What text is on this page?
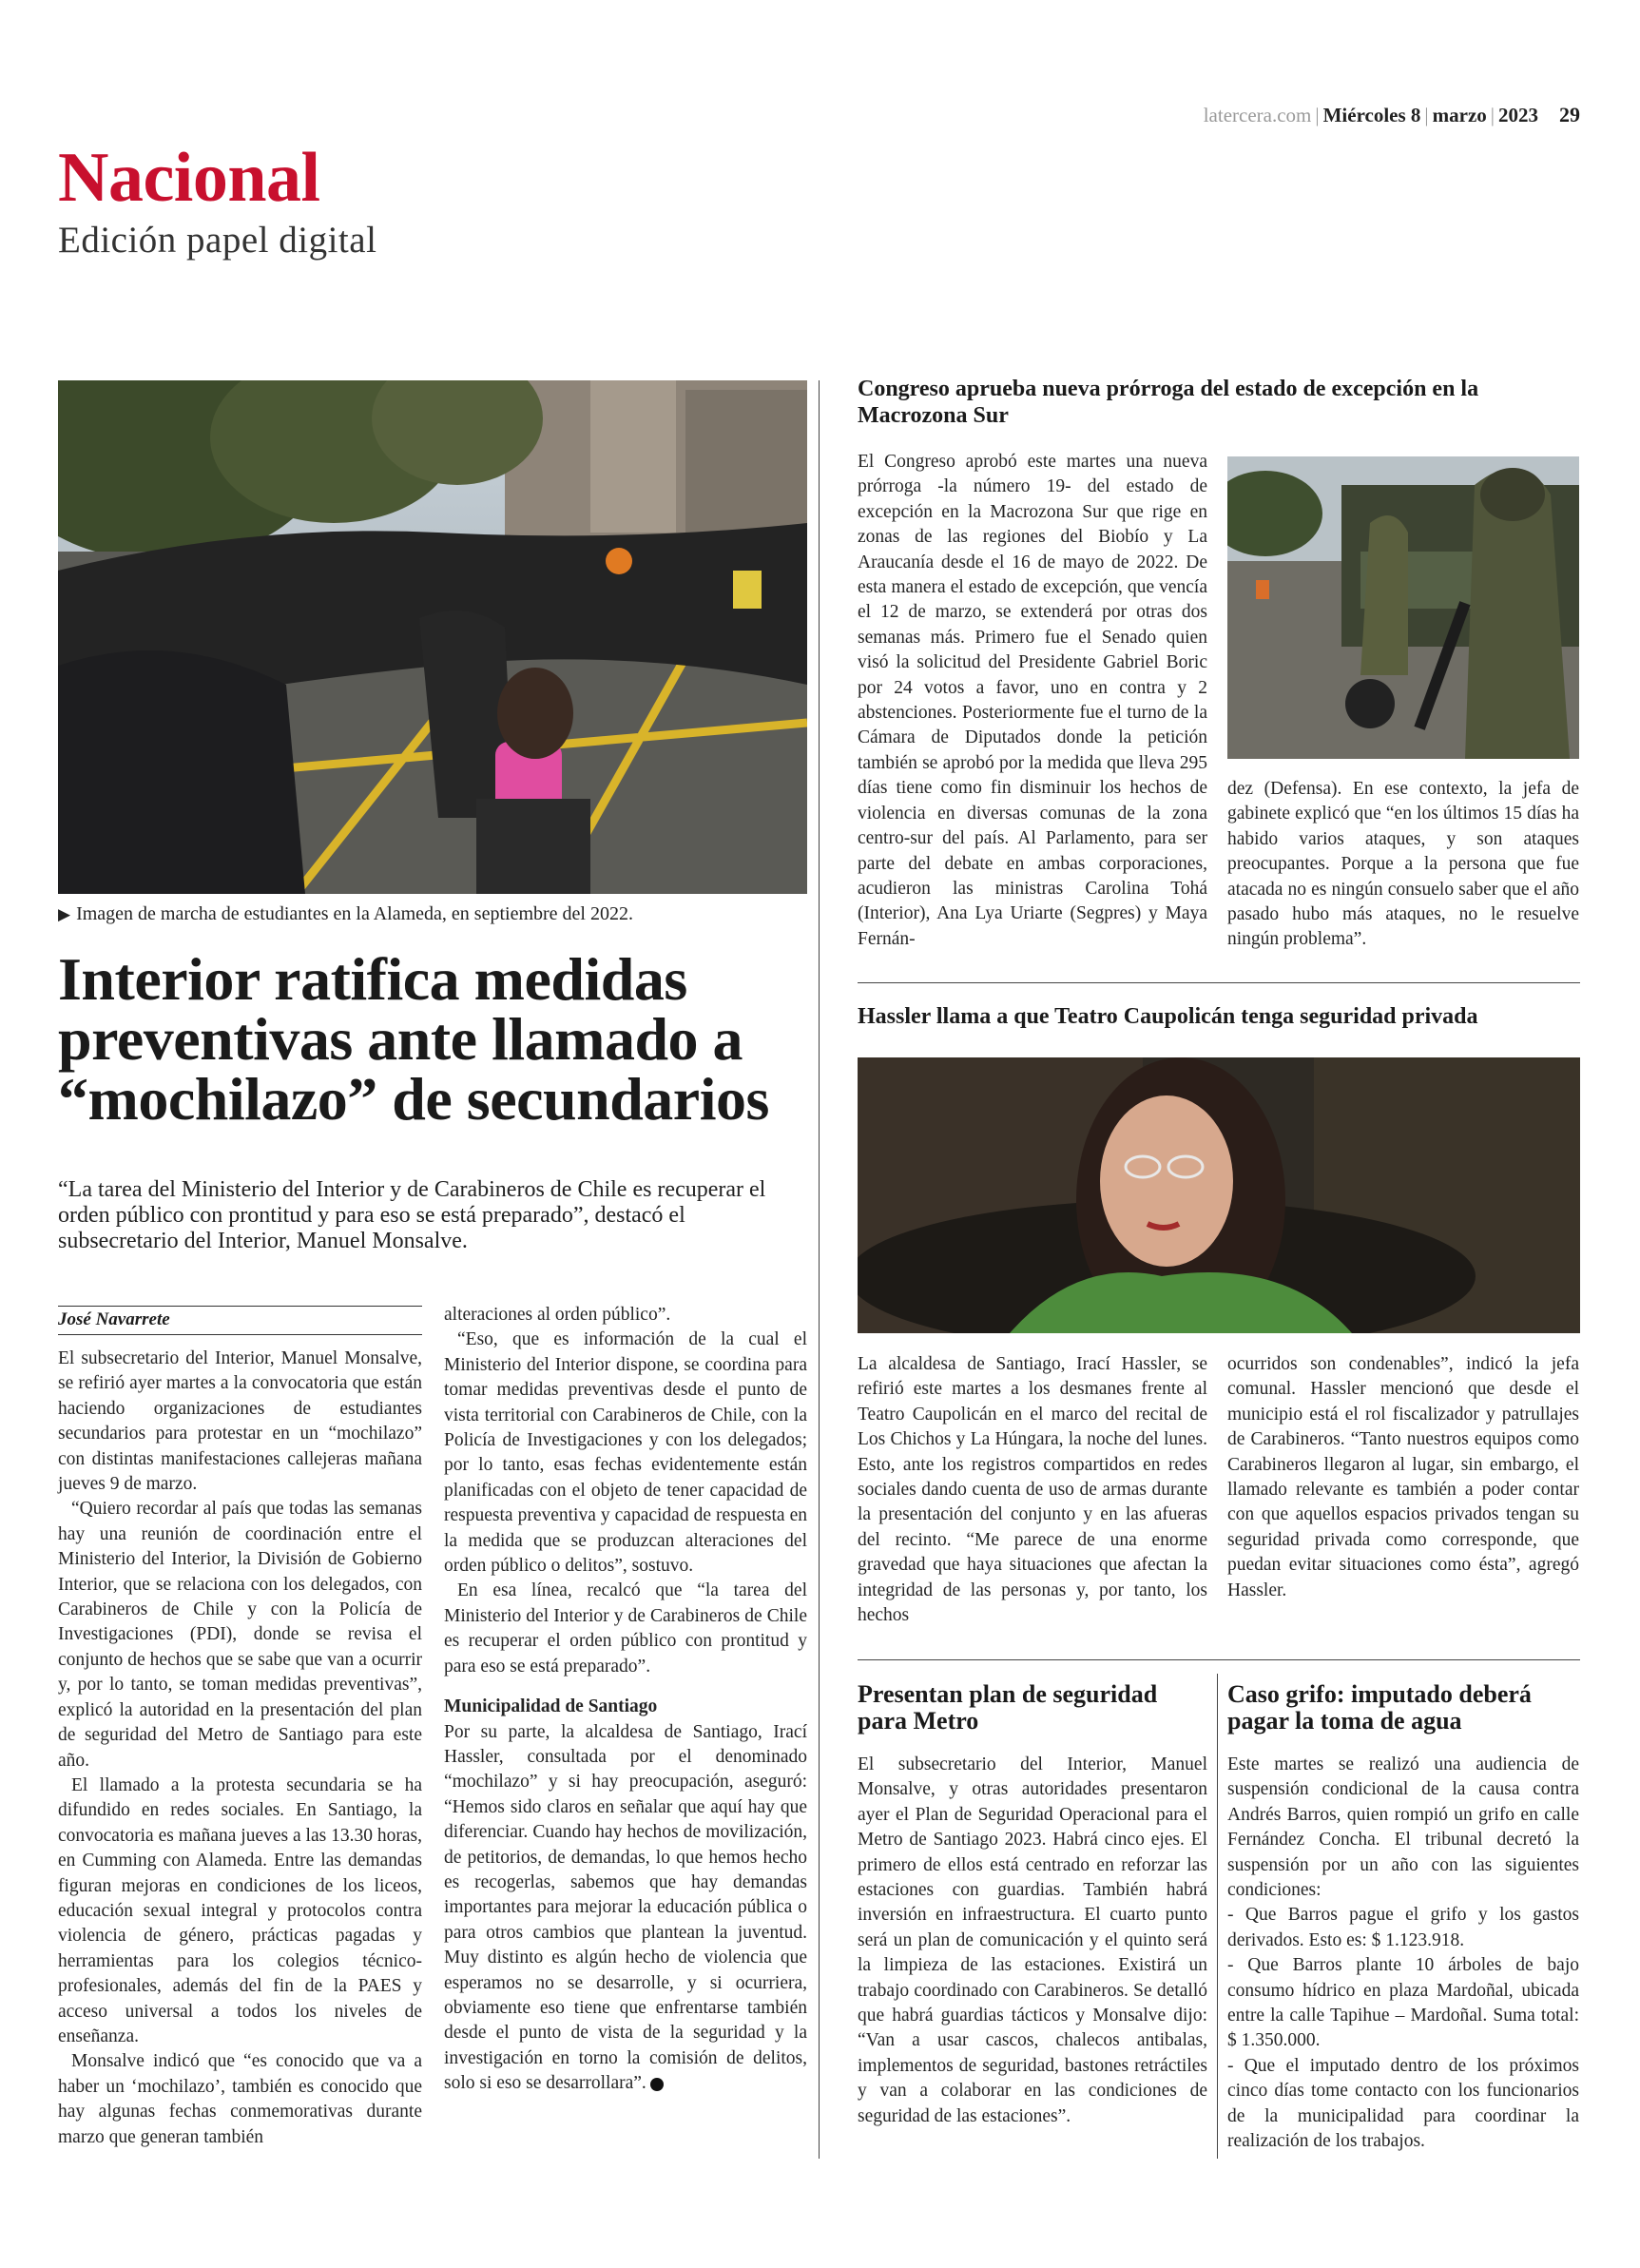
latercera.com | Miércoles 8 | marzo | 2023 29
Nacional
Edición papel digital
▶ Imagen de marcha de estudiantes en la Alameda, en septiembre del 2022.
Interior ratifica medidas preventivas ante llamado a “mochilazo” de secundarios
“La tarea del Ministerio del Interior y de Carabineros de Chile es recuperar el orden público con prontitud y para eso se está preparado”, destacó el subsecretario del Interior, Manuel Monsalve.
José Navarrete

El subsecretario del Interior, Manuel Monsalve, se refirió ayer martes a la convocatoria que están haciendo organizaciones de estudiantes secundarios para protestar en un “mochilazo” con distintas manifestaciones callejeras mañana jueves 9 de marzo.

“Quiero recordar al país que todas las semanas hay una reunión de coordinación entre el Ministerio del Interior, la División de Gobierno Interior, que se relaciona con los delegados, con Carabineros de Chile y con la Policía de Investigaciones (PDI), donde se revisa el conjunto de hechos que se sabe que van a ocurrir y, por lo tanto, se toman medidas preventivas”, explicó la autoridad en la presentación del plan de seguridad del Metro de Santiago para este año.

El llamado a la protesta secundaria se ha difundido en redes sociales. En Santiago, la convocatoria es mañana jueves a las 13.30 horas, en Cumming con Alameda. Entre las demandas figuran mejoras en condiciones de los liceos, educación sexual integral y protocolos contra violencia de género, prácticas pagadas y herramientas para los colegios técnico-profesionales, además del fin de la PAES y acceso universal a todos los niveles de enseñanza.

Monsalve indicó que “es conocido que va a haber un ‘mochilazo’, también es conocido que hay algunas fechas conmemorativas durante marzo que generan también

alteraciones al orden público”.

“Eso, que es información de la cual el Ministerio del Interior dispone, se coordina para tomar medidas preventivas desde el punto de vista territorial con Carabineros de Chile, con la Policía de Investigaciones y con los delegados; por lo tanto, esas fechas evidentemente están planificadas con el objeto de tener capacidad de respuesta preventiva y capacidad de respuesta en la medida que se produzcan alteraciones del orden público o delitos”, sostuvo.

En esa línea, recalcó que “la tarea del Ministerio del Interior y de Carabineros de Chile es recuperar el orden público con prontitud y para eso se está preparado”.

Municipalidad de Santiago

Por su parte, la alcaldesa de Santiago, Irací Hassler, consultada por el denominado “mochilazo” y si hay preocupación, aseguró: “Hemos sido claros en señalar que aquí hay que diferenciar. Cuando hay hechos de movilización, de petitorios, de demandas, lo que hemos hecho es recogerlas, sabemos que hay demandas importantes para mejorar la educación pública o para otros cambios que plantean la juventud. Muy distinto es algún hecho de violencia que esperamos no se desarrolle, y si ocurriera, obviamente eso tiene que enfrentarse también desde el punto de vista de la seguridad y la investigación en torno la comisión de delitos, solo si eso se desarrollara”.

Congreso aprueba nueva prórroga del estado de excepción en la Macrozona Sur

El Congreso aprobó este martes una nueva prórroga -la número 19- del estado de excepción en la Macrozona Sur que rige en zonas de las regiones del Biobío y La Araucanía desde el 16 de mayo de 2022. De esta manera el estado de excepción, que vencía el 12 de marzo, se extenderá por otras dos semanas más. Primero fue el Senado quien visó la solicitud del Presidente Gabriel Boric por 24 votos a favor, uno en contra y 2 abstenciones. Posteriormente fue el turno de la Cámara de Diputados donde la petición también se aprobó por la medida que lleva 295 días tiene como fin disminuir los hechos de violencia en diversas comunas de la zona centro-sur del país. Al Parlamento, para ser parte del debate en ambas corporaciones, acudieron las ministras Carolina Tohá (Interior), Ana Lya Uriarte (Segpres) y Maya Fernán-

dez (Defensa). En ese contexto, la jefa de gabinete explicó que “en los últimos 15 días ha habido varios ataques, y son ataques preocupantes. Porque a la persona que fue atacada no es ningún consuelo saber que el año pasado hubo más ataques, no le resuelve ningún problema”.

Hassler llama a que Teatro Caupolicán tenga seguridad privada

La alcaldesa de Santiago, Irací Hassler, se refirió este martes a los desmanes frente al Teatro Caupolicán en el marco del recital de Los Chichos y La Húngara, la noche del lunes. Esto, ante los registros compartidos en redes sociales dando cuenta de uso de armas durante la presentación del conjunto y en las afueras del recinto. “Me parece de una enorme gravedad que haya situaciones que afectan la integridad de las personas y, por tanto, los hechos

ocurridos son condenables”, indicó la jefa comunal. Hassler mencionó que desde el municipio está el rol fiscalizador y patrullajes de Carabineros. “Tanto nuestros equipos como Carabineros llegaron al lugar, sin embargo, el llamado relevante es también a poder contar con que aquellos espacios privados tengan su seguridad privada como corresponde, que puedan evitar situaciones como ésta”, agregó Hassler.

Presentan plan de seguridad para Metro

El subsecretario del Interior, Manuel Monsalve, y otras autoridades presentaron ayer el Plan de Seguridad Operacional para el Metro de Santiago 2023. Habrá cinco ejes. El primero de ellos está centrado en reforzar las estaciones con guardias. También habrá inversión en infraestructura. El cuarto punto será un plan de comunicación y el quinto será la limpieza de las estaciones. Existirá un trabajo coordinado con Carabineros. Se detalló que habrá guardias tácticos y Monsalve dijo: “Van a usar cascos, chalecos antibalas, implementos de seguridad, bastones retráctiles y van a colaborar en las condiciones de seguridad de las estaciones”.

Caso grifo: imputado deberá pagar la toma de agua

Este martes se realizó una audiencia de suspensión condicional de la causa contra Andrés Barros, quien rompió un grifo en calle Fernández Concha. El tribunal decretó la suspensión por un año con las siguientes condiciones:

- Que Barros pague el grifo y los gastos derivados. Esto es: $ 1.123.918.

- Que Barros plante 10 árboles de bajo consumo hídrico en plaza Mardoñal, ubicada entre la calle Tapihue – Mardoñal. Suma total: $ 1.350.000.

- Que el imputado dentro de los próximos cinco días tome contacto con los funcionarios de la municipalidad para coordinar la realización de los trabajos.
